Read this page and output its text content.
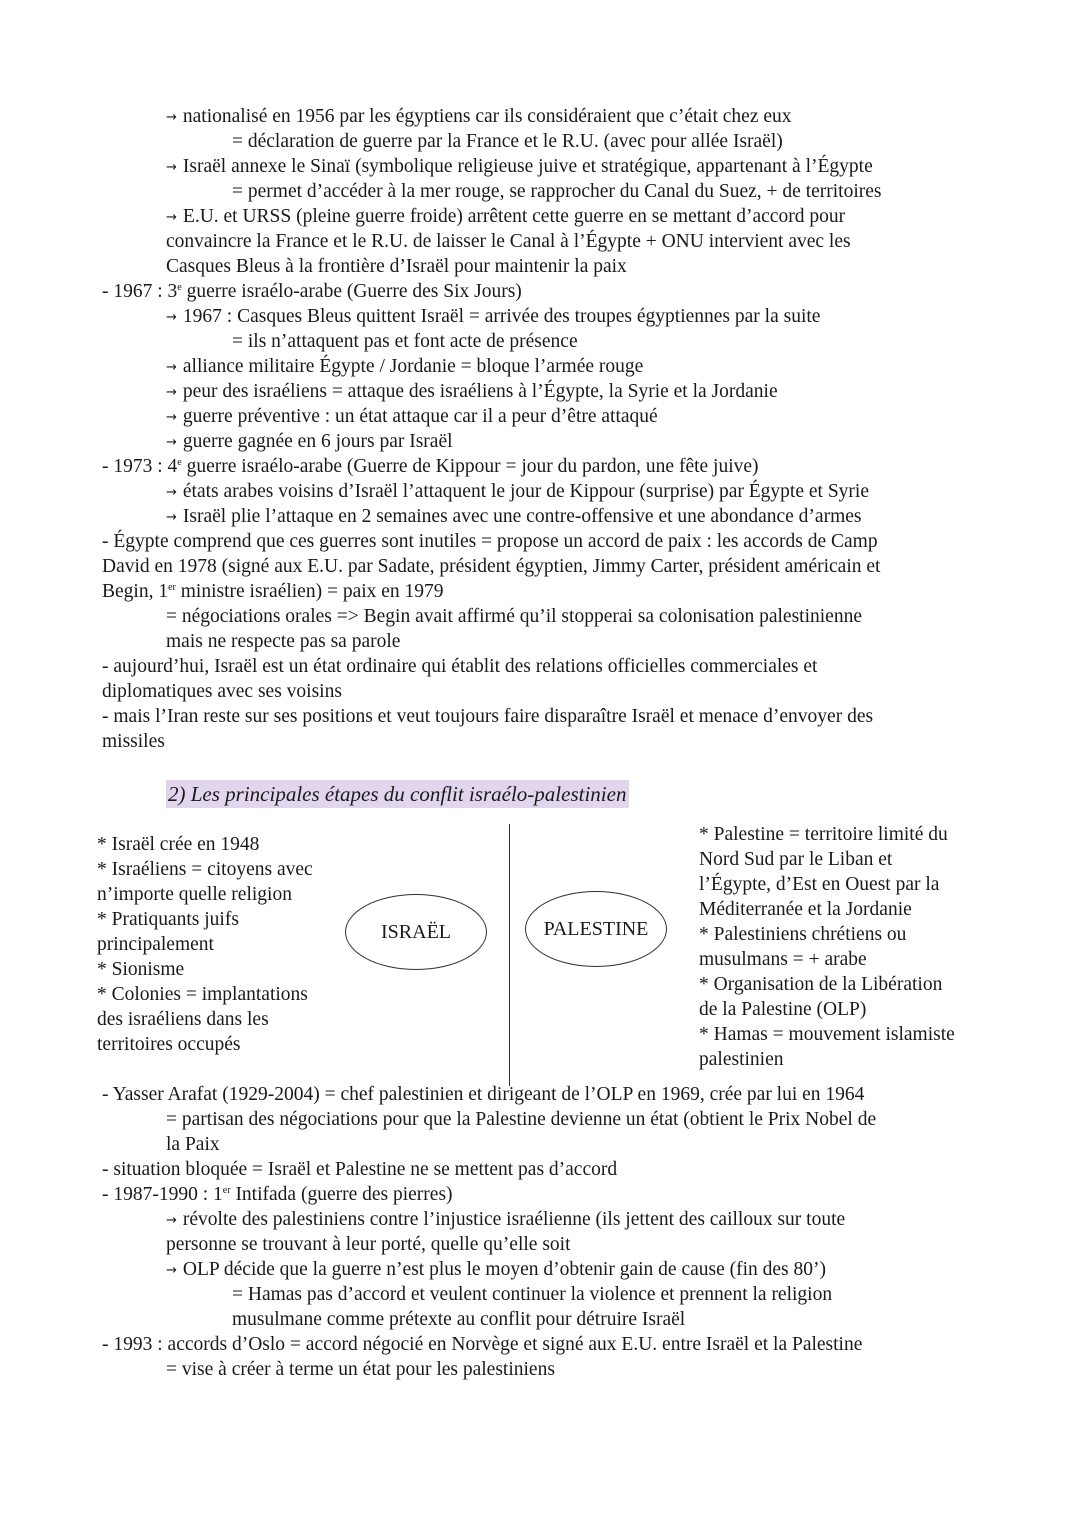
→ nationalisé en 1956 par les égyptiens car ils considéraient que c’était chez eux
= déclaration de guerre par la France et le R.U. (avec pour allée Israël)
→ Israël annexe le Sinaï (symbolique religieuse juive et stratégique, appartenant à l’Égypte
= permet d’accéder à la mer rouge, se rapprocher du Canal du Suez, + de territoires
→ E.U. et URSS (pleine guerre froide) arrêtent cette guerre en se mettant d’accord pour
convaincre la France et le R.U. de laisser le Canal à l’Égypte + ONU intervient avec les
Casques Bleus à la frontière d’Israël pour maintenir la paix
- 1967 : 3e guerre israélo-arabe (Guerre des Six Jours)
→ 1967 : Casques Bleus quittent Israël = arrivée des troupes égyptiennes par la suite
= ils n’attaquent pas et font acte de présence
→ alliance militaire Égypte / Jordanie = bloque l’armée rouge
→ peur des israéliens = attaque des israéliens à l’Égypte, la Syrie et la Jordanie
→ guerre préventive : un état attaque car il a peur d’être attaqué
→ guerre gagnée en 6 jours par Israël
- 1973 : 4e guerre israélo-arabe (Guerre de Kippour = jour du pardon, une fête juive)
→ états arabes voisins d’Israël l’attaquent le jour de Kippour (surprise) par Égypte et Syrie
→ Israël plie l’attaque en 2 semaines avec une contre-offensive et une abondance d’armes
- Égypte comprend que ces guerres sont inutiles = propose un accord de paix : les accords de Camp
David en 1978 (signé aux E.U. par Sadate, président égyptien, Jimmy Carter, président américain et
Begin, 1er ministre israélien) = paix en 1979
= négociations orales => Begin avait affirmé qu’il stopperai sa colonisation palestinienne
mais ne respecte pas sa parole
- aujourd’hui, Israël est un état ordinaire qui établit des relations officielles commerciales et
diplomatiques avec ses voisins
- mais l’Iran reste sur ses positions et veut toujours faire disparaître Israël et menace d’envoyer des
missiles
2) Les principales étapes du conflit israélo-palestinien
* Israël crée en 1948
* Israéliens = citoyens avec
n’importe quelle religion
* Pratiquants juifs
principalement
* Sionisme
* Colonies = implantations
des israéliens dans les
territoires occupés
ISRAËL	PALESTINE
* Palestine = territoire limité du
Nord Sud par le Liban et
l’Égypte, d’Est en Ouest par la
Méditerranée et la Jordanie
* Palestiniens chrétiens ou
musulmans = + arabe
* Organisation de la Libération
de la Palestine (OLP)
* Hamas = mouvement islamiste
palestinien
- Yasser Arafat (1929-2004) = chef palestinien et dirigeant de l’OLP en 1969, crée par lui en 1964
= partisan des négociations pour que la Palestine devienne un état (obtient le Prix Nobel de
la Paix
- situation bloquée = Israël et Palestine ne se mettent pas d’accord
- 1987-1990 : 1er Intifada (guerre des pierres)
→ révolte des palestiniens contre l’injustice israélienne (ils jettent des cailloux sur toute
personne se trouvant à leur porté, quelle qu’elle soit
→ OLP décide que la guerre n’est plus le moyen d’obtenir gain de cause (fin des 80’)
= Hamas pas d’accord et veulent continuer la violence et prennent la religion
musulmane comme prétexte au conflit pour détruire Israël
- 1993 : accords d’Oslo = accord négocié en Norvège et signé aux E.U. entre Israël et la Palestine
= vise à créer à terme un état pour les palestiniens
